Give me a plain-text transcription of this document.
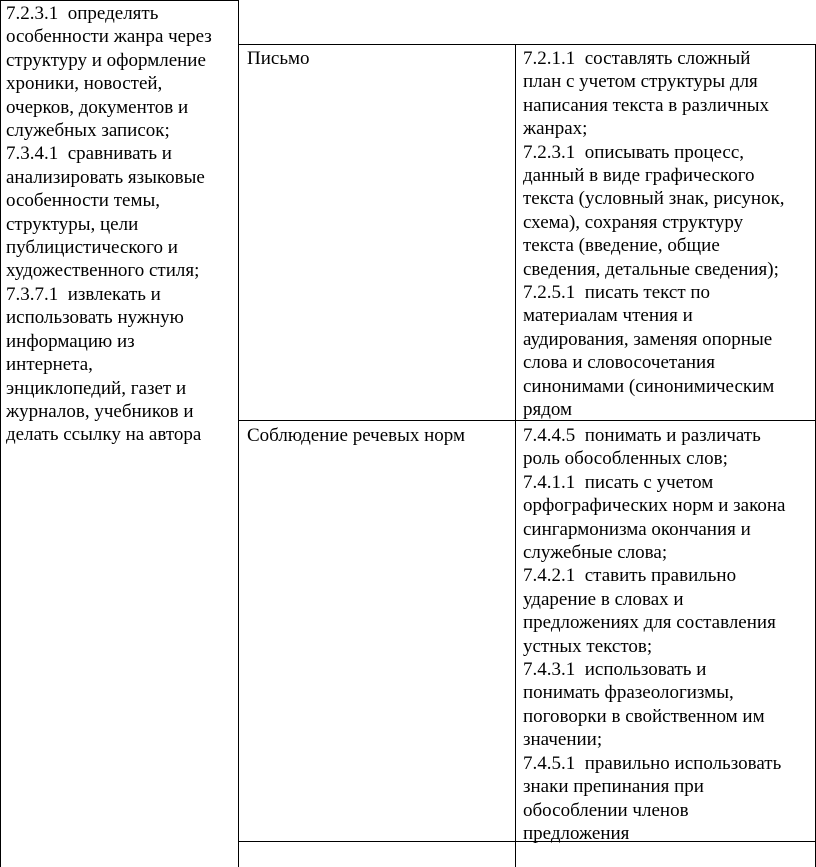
7.2.3.1  определять
особенности жанра через
структуру и оформление
хроники, новостей,
очерков, документов и
служебных записок;
7.3.4.1  сравнивать и
анализировать языковые
особенности темы,
структуры, цели
публицистического и
художественного стиля;
7.3.7.1  извлекать и
использовать нужную
информацию из
интернета,
энциклопедий, газет и
журналов, учебников и
делать ссылку на автора

Письмо	7.2.1.1  составлять сложный
план с учетом структуры для
написания текста в различных
жанрах;
7.2.3.1  описывать процесс,
данный в виде графического
текста (условный знак, рисунок,
схема), сохраняя структуру
текста (введение, общие
сведения, детальные сведения);
7.2.5.1  писать текст по
материалам чтения и
аудирования, заменяя опорные
слова и словосочетания
синонимами (синонимическим
рядом

Соблюдение речевых норм	7.4.4.5  понимать и различать
роль обособленных слов;
7.4.1.1  писать с учетом
орфографических норм и закона
сингармонизма окончания и
служебные слова;
7.4.2.1  ставить правильно
ударение в словах и
предложениях для составления
устных текстов;
7.4.3.1  использовать и
понимать фразеологизмы,
поговорки в свойственном им
значении;
7.4.5.1  правильно использовать
знаки препинания при
обособлении членов
предложения
